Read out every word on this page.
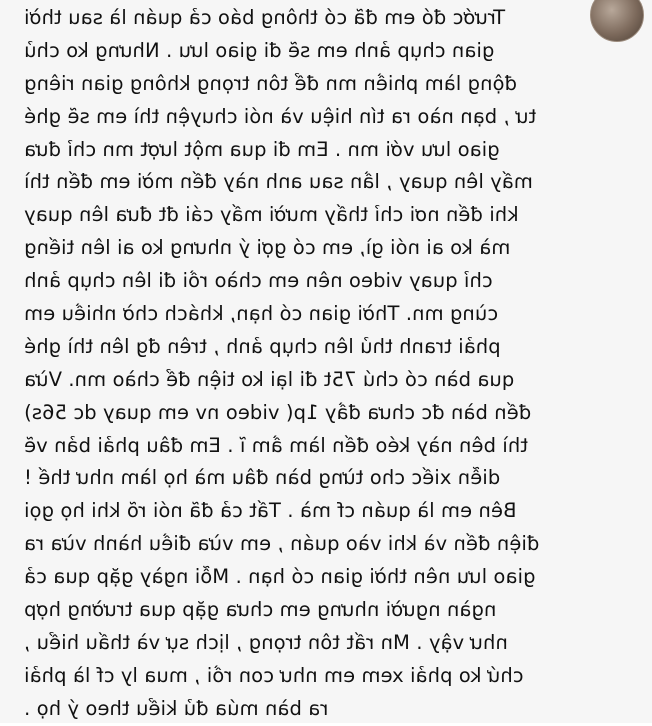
Trước đó em đã có thông báo cả quán là sau thời
gian chụp ảnh em sẽ đi giao lưu . Nhưng ko chủ
động làm phiền mn để tôn trọng không gian riêng
tư , bạn nào ra tín hiệu và nói chuyện thì em sẽ ghé
giao lưu với mn . Em đi qua một lượt mn chỉ đưa
mấy lên quay , lần sau anh này đến mời em đến thì
khi đến nơi chỉ thấy mười mấy cái đt đưa lên quay
mà ko ai nói gì, em có gợi ý nhưng ko ai lên tiếng
chỉ quay video nên em chào rồi đi lên chụp ảnh
cùng mn. Thời gian có hạn, khách chờ nhiều em
phải tranh thủ lên chụp ảnh , trên đg lên thì ghé
qua bàn có chú 75t đi lại ko tiện để chào mn. Vừa
đến bàn đc chưa đầy 1p( video nv em quay dc 56s)
thì bên này kéo đến làm ầm ĩ . Em đâu phải bản vẽ
diễn xiếc cho từng bàn đâu mà họ làm như thế !
Bên em là quán cf mà . Tất cả đã nói rõ khi họ gọi
điện đến và khi vào quán , em vừa điều hành vừa ra
giao lưu nên thời gian có hạn . Mỗi ngày gặp qua cả
ngàn người nhưng em chưa gặp qua trường hợp
như vậy . Mn rất tôn trọng , lịch sự và thấu hiểu ,
chứ ko phải xem em như con rồi , mua ly cf là phải
ra bàn múa đủ kiểu theo ý họ .
